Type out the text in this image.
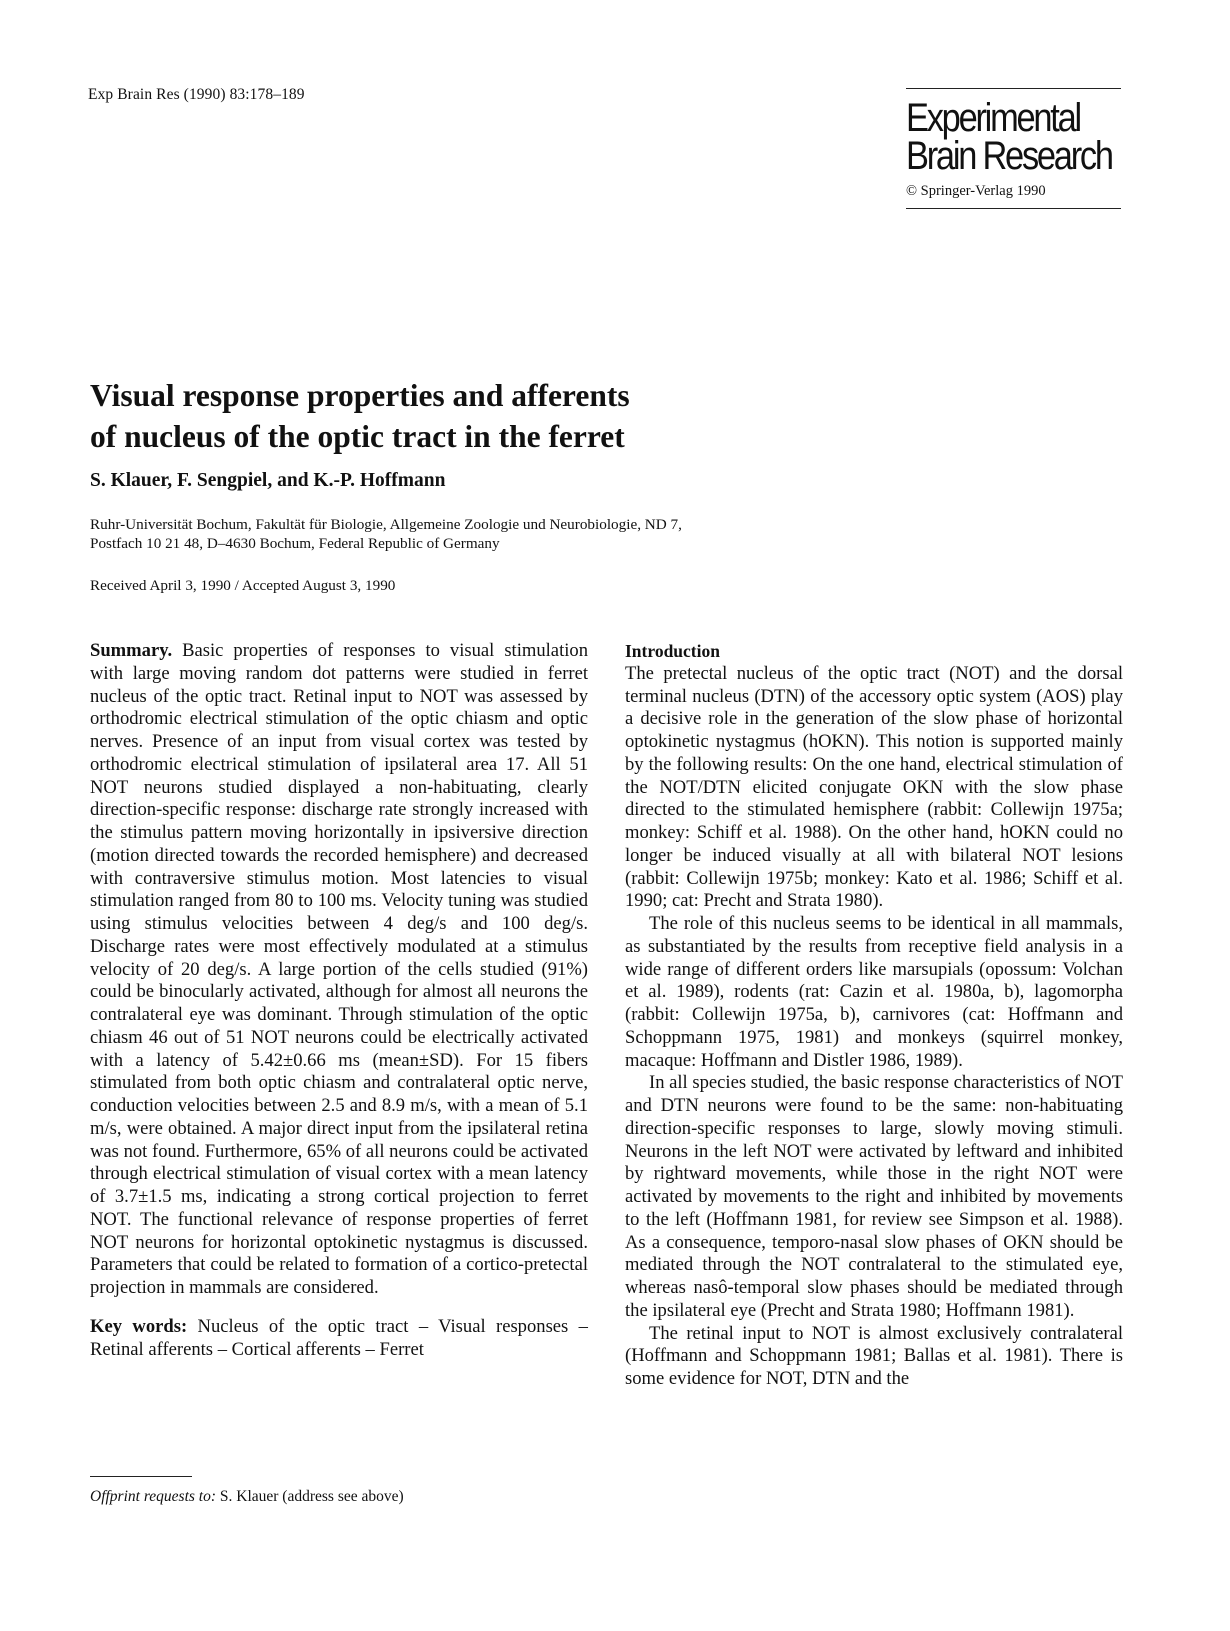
Exp Brain Res (1990) 83:178–189
Experimental
Brain Research
© Springer-Verlag 1990
Visual response properties and afferents
of nucleus of the optic tract in the ferret
S. Klauer, F. Sengpiel, and K.-P. Hoffmann
Ruhr-Universität Bochum, Fakultät für Biologie, Allgemeine Zoologie und Neurobiologie, ND 7,
Postfach 10 21 48, D–4630 Bochum, Federal Republic of Germany
Received April 3, 1990 / Accepted August 3, 1990

Summary. Basic properties of responses to visual stimulation with large moving random dot patterns were studied in ferret nucleus of the optic tract. Retinal input to NOT was assessed by orthodromic electrical stimulation of the optic chiasm and optic nerves. Presence of an input from visual cortex was tested by orthodromic electrical stimulation of ipsilateral area 17. All 51 NOT neurons studied displayed a non-habituating, clearly direction-specific response: discharge rate strongly increased with the stimulus pattern moving horizontally in ipsiversive direction (motion directed towards the recorded hemisphere) and decreased with contraversive stimulus motion. Most latencies to visual stimulation ranged from 80 to 100 ms. Velocity tuning was studied using stimulus velocities between 4 deg/s and 100 deg/s. Discharge rates were most effectively modulated at a stimulus velocity of 20 deg/s. A large portion of the cells studied (91%) could be binocularly activated, although for almost all neurons the contralateral eye was dominant. Through stimulation of the optic chiasm 46 out of 51 NOT neurons could be electrically activated with a latency of 5.42±0.66 ms (mean±SD). For 15 fibers stimulated from both optic chiasm and contralateral optic nerve, conduction velocities between 2.5 and 8.9 m/s, with a mean of 5.1 m/s, were obtained. A major direct input from the ipsilateral retina was not found. Furthermore, 65% of all neurons could be activated through electrical stimulation of visual cortex with a mean latency of 3.7±1.5 ms, indicating a strong cortical projection to ferret NOT. The functional relevance of response properties of ferret NOT neurons for horizontal optokinetic nystagmus is discussed. Parameters that could be related to formation of a cortico-pretectal projection in mammals are considered.

Key words: Nucleus of the optic tract – Visual responses – Retinal afferents – Cortical afferents – Ferret

Offprint requests to: S. Klauer (address see above)

Introduction

The pretectal nucleus of the optic tract (NOT) and the dorsal terminal nucleus (DTN) of the accessory optic system (AOS) play a decisive role in the generation of the slow phase of horizontal optokinetic nystagmus (hOKN). This notion is supported mainly by the following results: On the one hand, electrical stimulation of the NOT/DTN elicited conjugate OKN with the slow phase directed to the stimulated hemisphere (rabbit: Collewijn 1975a; monkey: Schiff et al. 1988). On the other hand, hOKN could no longer be induced visually at all with bilateral NOT lesions (rabbit: Collewijn 1975b; monkey: Kato et al. 1986; Schiff et al. 1990; cat: Precht and Strata 1980).

The role of this nucleus seems to be identical in all mammals, as substantiated by the results from receptive field analysis in a wide range of different orders like marsupials (opossum: Volchan et al. 1989), rodents (rat: Cazin et al. 1980a, b), lagomorpha (rabbit: Collewijn 1975a, b), carnivores (cat: Hoffmann and Schoppmann 1975, 1981) and monkeys (squirrel monkey, macaque: Hoffmann and Distler 1986, 1989).

In all species studied, the basic response characteristics of NOT and DTN neurons were found to be the same: non-habituating direction-specific responses to large, slowly moving stimuli. Neurons in the left NOT were activated by leftward and inhibited by rightward movements, while those in the right NOT were activated by movements to the right and inhibited by movements to the left (Hoffmann 1981, for review see Simpson et al. 1988). As a consequence, temporo-nasal slow phases of OKN should be mediated through the NOT contralateral to the stimulated eye, whereas nasô-temporal slow phases should be mediated through the ipsilateral eye (Precht and Strata 1980; Hoffmann 1981).

The retinal input to NOT is almost exclusively contralateral (Hoffmann and Schoppmann 1981; Ballas et al. 1981). There is some evidence for NOT, DTN and the
